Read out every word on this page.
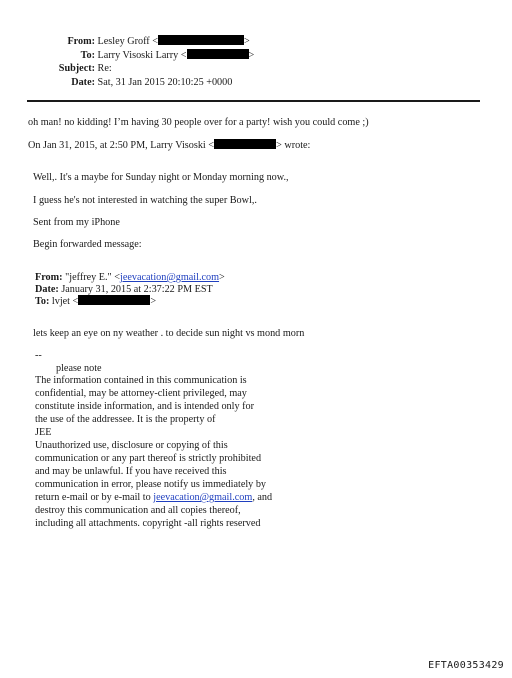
From: Lesley Groff <	>
To: Larry Visoski Larry <	>
Subject: Re:
Date: Sat, 31 Jan 2015 20:10:25 +0000
oh man! no kidding! I’m having 30 people over for a party! wish you could come ;)
On Jan 31, 2015, at 2:50 PM, Larry Visoski <	> wrote:
Well,. It's a maybe for Sunday night or Monday morning now.,
I guess he's not interested in watching the super Bowl,.
Sent from my iPhone
Begin forwarded message:
From: "jeffrey E." <jeevacation@gmail.com>
Date: January 31, 2015 at 2:37:22 PM EST
To: lvjet <	>
lets keep an eye on ny weather . to decide sun night vs mond morn
--
please note
The information contained in this communication is
confidential, may be attorney-client privileged, may
constitute inside information, and is intended only for
the use of the addressee. It is the property of
JEE
Unauthorized use, disclosure or copying of this
communication or any part thereof is strictly prohibited
and may be unlawful. If you have received this
communication in error, please notify us immediately by
return e-mail or by e-mail to jeevacation@gmail.com, and
destroy this communication and all copies thereof,
including all attachments. copyright -all rights reserved
EFTA00353429
